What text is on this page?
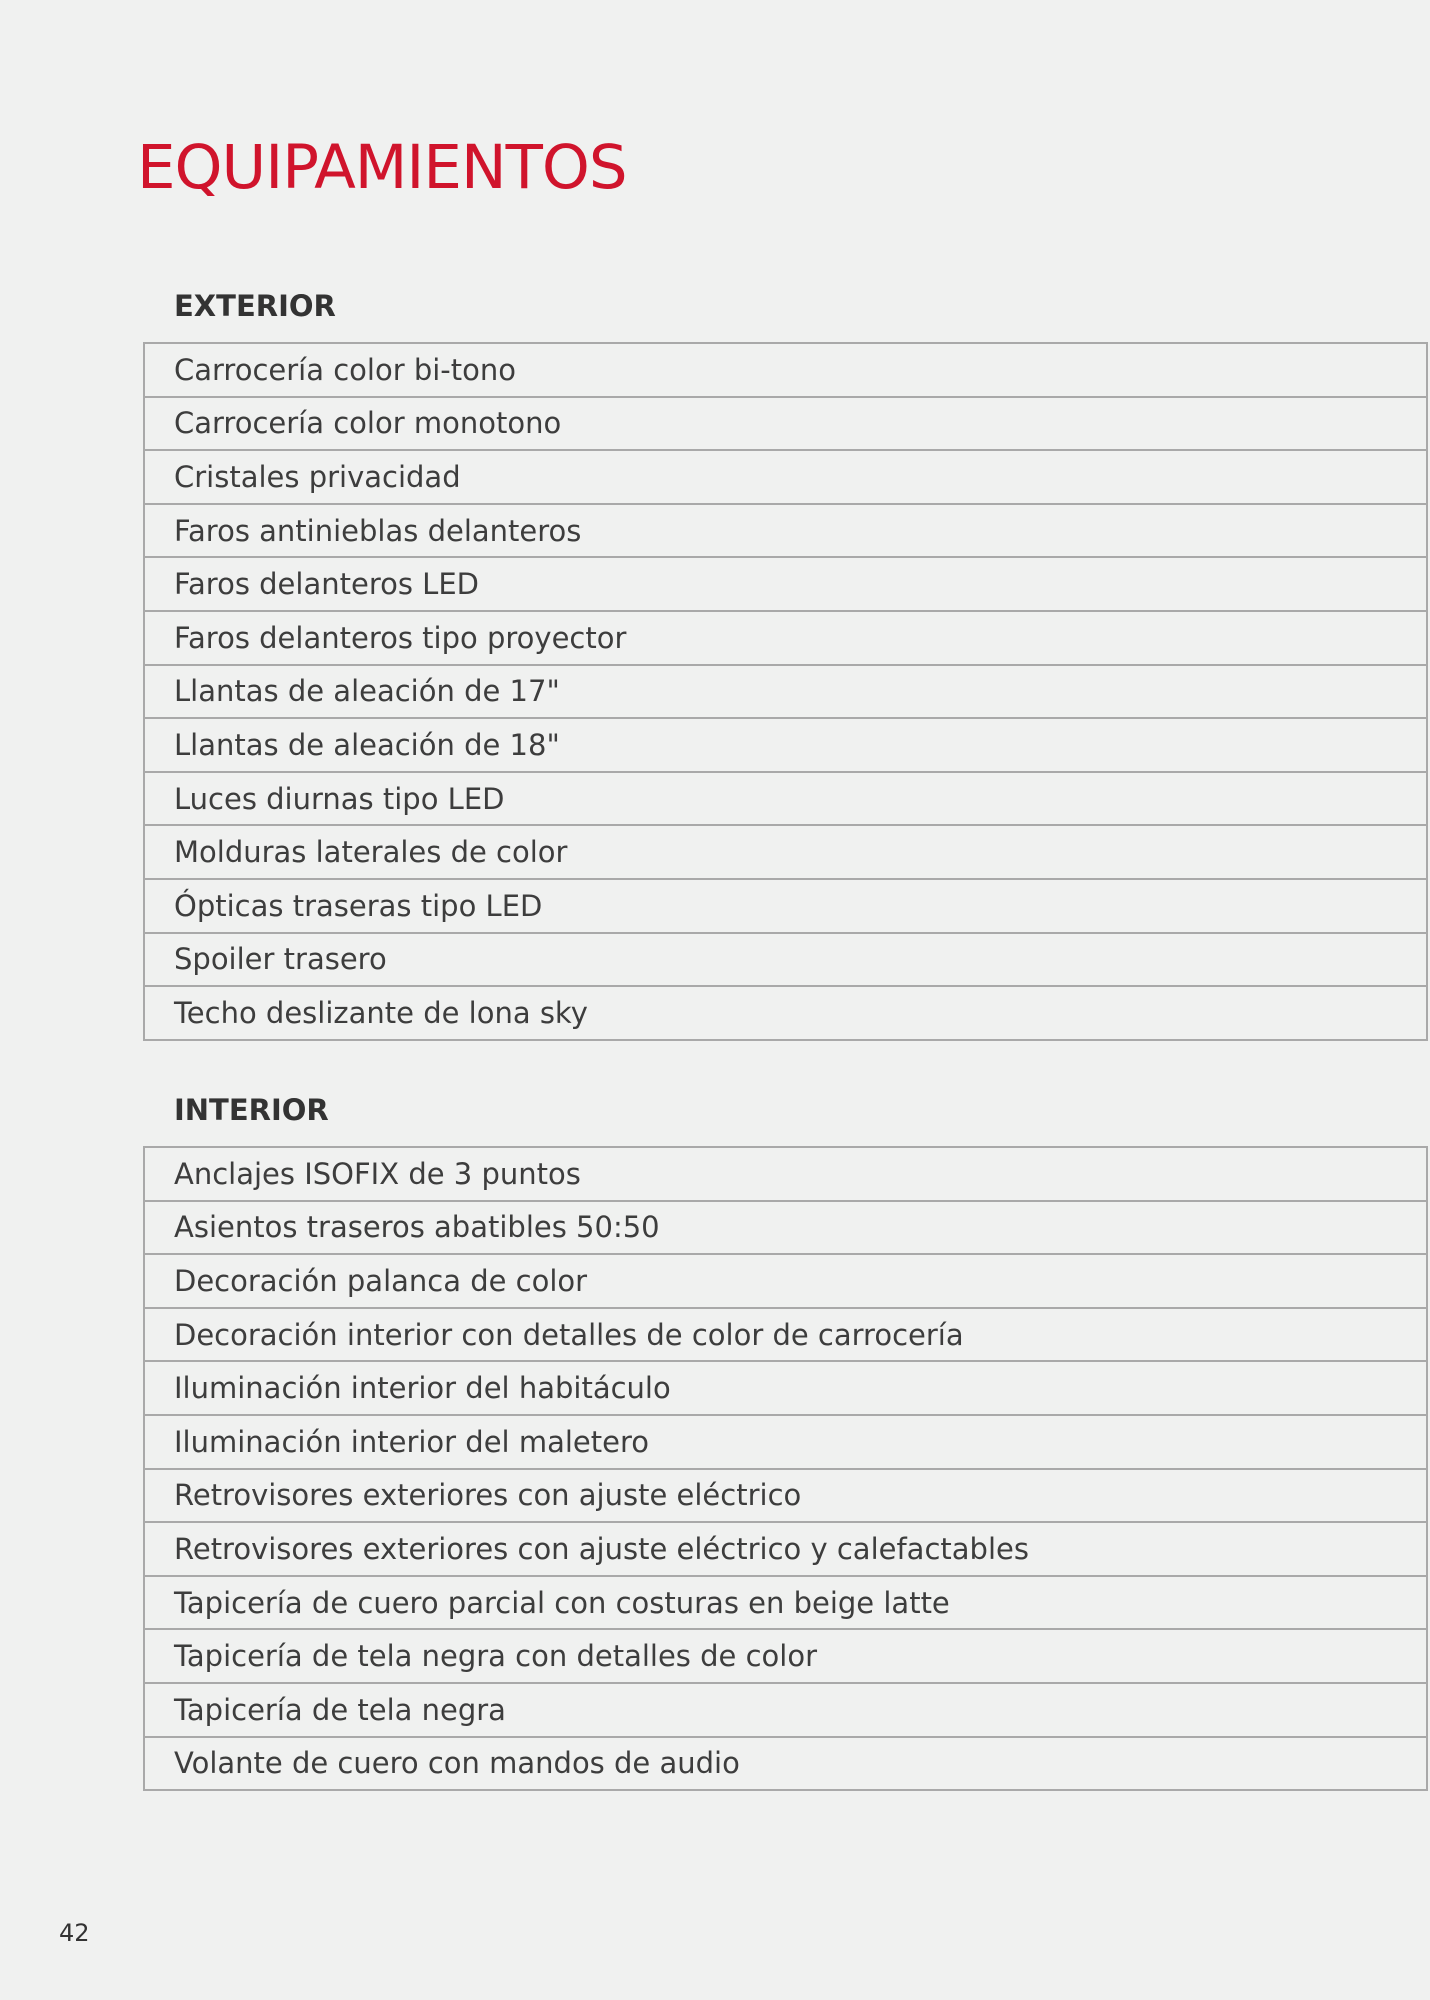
EQUIPAMIENTOS
EXTERIOR
Carrocería color bi-tono
Carrocería color monotono
Cristales privacidad
Faros antinieblas delanteros
Faros delanteros LED
Faros delanteros tipo proyector
Llantas de aleación de 17"
Llantas de aleación de 18"
Luces diurnas tipo LED
Molduras laterales de color
Ópticas traseras tipo LED
Spoiler trasero
Techo deslizante de lona sky
INTERIOR
Anclajes ISOFIX de 3 puntos
Asientos traseros abatibles 50:50
Decoración palanca de color
Decoración interior con detalles de color de carrocería
Iluminación interior del habitáculo
Iluminación interior del maletero
Retrovisores exteriores con ajuste eléctrico
Retrovisores exteriores con ajuste eléctrico y calefactables
Tapicería de cuero parcial con costuras en beige latte
Tapicería de tela negra con detalles de color
Tapicería de tela negra
Volante de cuero con mandos de audio
42
